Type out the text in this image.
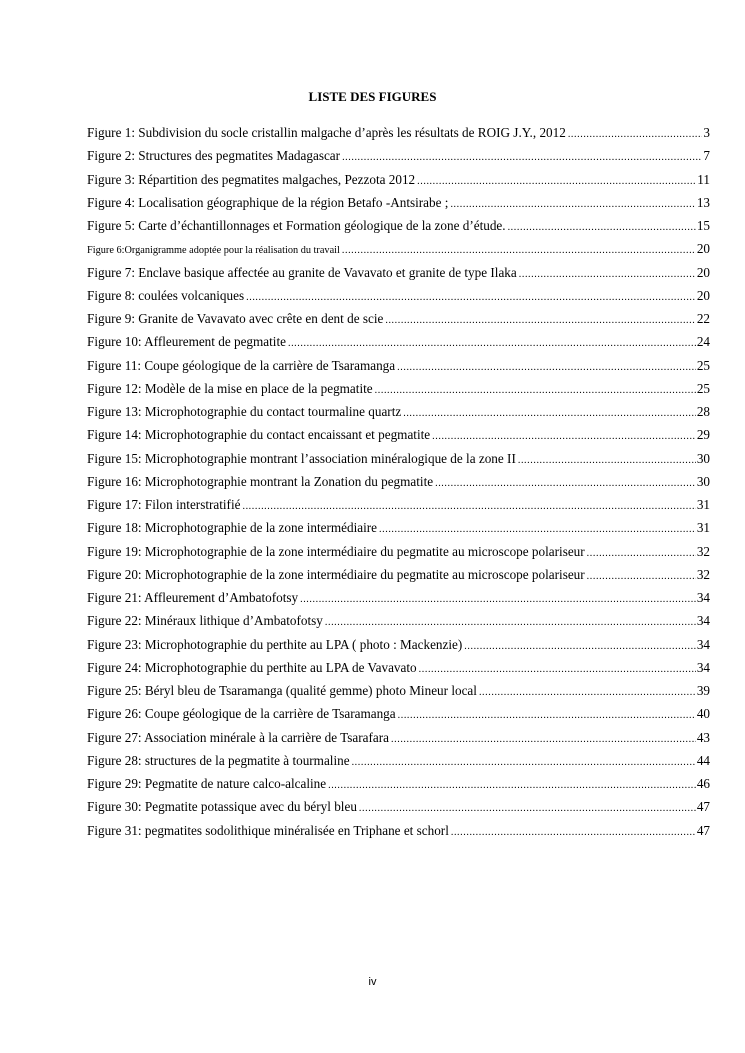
LISTE DES FIGURES
Figure 1: Subdivision du socle cristallin malgache d’après les résultats de ROIG J.Y., 2012 .....	3
Figure 2: Structures des pegmatites Madagascar .....	7
Figure 3: Répartition des pegmatites malgaches, Pezzota 2012 .....	11
Figure 4: Localisation géographique de la région Betafo -Antsirabe ; .....	13
Figure 5: Carte d’échantillonnages et Formation géologique de la zone d’étude. .....	15
Figure 6:Organigramme adoptée pour la réalisation du travail .....	20
Figure 7: Enclave basique affectée au granite de Vavavato et granite de type Ilaka .....	20
Figure 8: coulées volcaniques .....	20
Figure 9: Granite de Vavavato avec crête en dent de scie .....	22
Figure 10: Affleurement de pegmatite .....	24
Figure 11: Coupe géologique de la carrière de Tsaramanga .....	25
Figure 12: Modèle de la mise en place de la pegmatite .....	25
Figure 13: Microphotographie du contact tourmaline quartz .....	28
Figure 14: Microphotographie du contact encaissant et pegmatite .....	29
Figure 15: Microphotographie montrant l’association minéralogique de la zone II .....	30
Figure 16: Microphotographie montrant la Zonation du pegmatite .....	30
Figure 17: Filon interstratifié .....	31
Figure 18: Microphotographie de la zone intermédiaire .....	31
Figure 19: Microphotographie de la zone intermédiaire du pegmatite au microscope polariseur .....	32
Figure 20: Microphotographie de la zone intermédiaire du pegmatite au microscope polariseur .....	32
Figure 21: Affleurement d’Ambatofotsy .....	34
Figure 22: Minéraux lithique d’Ambatofotsy .....	34
Figure 23: Microphotographie du perthite au LPA ( photo : Mackenzie) .....	34
Figure 24: Microphotographie du perthite au LPA de Vavavato .....	34
Figure 25: Béryl bleu de Tsaramanga (qualité gemme) photo Mineur local .....	39
Figure 26: Coupe géologique de la carrière de Tsaramanga .....	40
Figure 27: Association minérale à la carrière de Tsarafara .....	43
Figure 28: structures de la pegmatite à tourmaline .....	44
Figure 29: Pegmatite de nature calco-alcaline .....	46
Figure 30: Pegmatite potassique avec du béryl bleu .....	47
Figure 31: pegmatites sodolithique minéralisée en Triphane et schorl .....	47
iv
